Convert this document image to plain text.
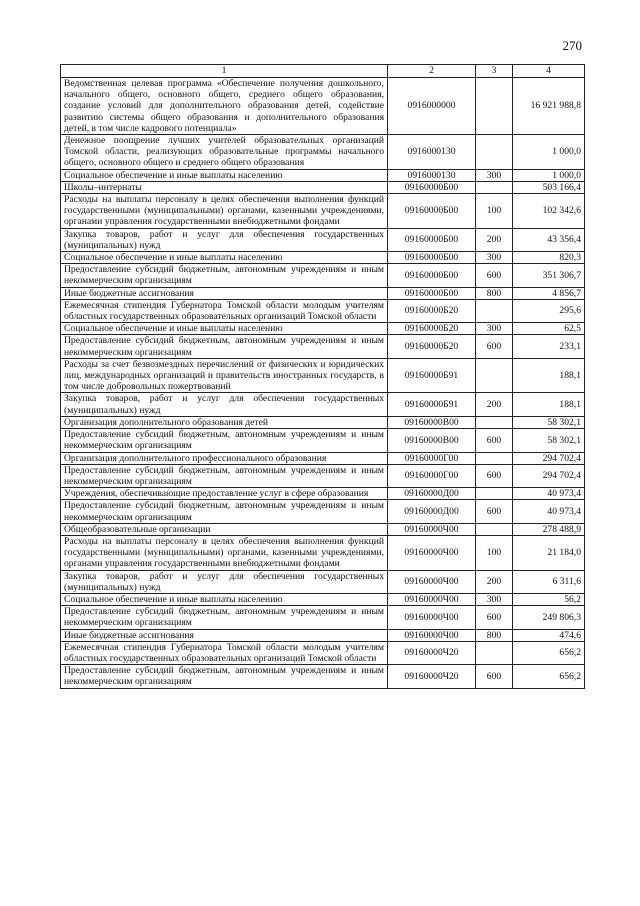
270
1	2	3	4
Ведомственная целевая программа «Обеспечение получения дошкольного, начального общего, основного общего, среднего общего образования, создание условий для дополнительного образования детей, содействие развитию системы общего образования и дополнительного образования детей, в том числе кадрового потенциала»	0916000000		16 921 988,8
Денежное поощрение лучших учителей образовательных организаций Томской области, реализующих образовательные программы начального общего, основного общего и среднего общего образования	0916000130		1 000,0
Социальное обеспечение и иные выплаты населению	0916000130	300	1 000,0
Школы–интернаты	09160000Б00		503 166,4
Расходы на выплаты персоналу в целях обеспечения выполнения функций государственными (муниципальными) органами, казенными учреждениями, органами управления государственными внебюджетными фондами	09160000Б00	100	102 342,6
Закупка товаров, работ и услуг для обеспечения государственных (муниципальных) нужд	09160000Б00	200	43 356,4
Социальное обеспечение и иные выплаты населению	09160000Б00	300	820,3
Предоставление субсидий бюджетным, автономным учреждениям и иным некоммерческим организациям	09160000Б00	600	351 306,7
Иные бюджетные ассигнования	09160000Б00	800	4 856,7
Ежемесячная стипендия Губернатора Томской области молодым учителям областных государственных образовательных организаций Томской области	09160000Б20		295,6
Социальное обеспечение и иные выплаты населению	09160000Б20	300	62,5
Предоставление субсидий бюджетным, автономным учреждениям и иным некоммерческим организациям	09160000Б20	600	233,1
Расходы за счет безвозмездных перечислений от физических и юридических лиц, международных организаций и правительств иностранных государств, в том числе добровольных пожертвований	09160000Б91		188,1
Закупка товаров, работ и услуг для обеспечения государственных (муниципальных) нужд	09160000Б91	200	188,1
Организация дополнительного образования детей	09160000В00		58 302,1
Предоставление субсидий бюджетным, автономным учреждениям и иным некоммерческим организациям	09160000В00	600	58 302,1
Организация дополнительного профессионального образования	09160000Г00		294 702,4
Предоставление субсидий бюджетным, автономным учреждениям и иным некоммерческим организациям	09160000Г00	600	294 702,4
Учреждения, обеспечивающие предоставление услуг в сфере образования	09160000Д00		40 973,4
Предоставление субсидий бюджетным, автономным учреждениям и иным некоммерческим организациям	09160000Д00	600	40 973,4
Общеобразовательные организации	09160000Ч00		278 488,9
Расходы на выплаты персоналу в целях обеспечения выполнения функций государственными (муниципальными) органами, казенными учреждениями, органами управления государственными внебюджетными фондами	09160000Ч00	100	21 184,0
Закупка товаров, работ и услуг для обеспечения государственных (муниципальных) нужд	09160000Ч00	200	6 311,6
Социальное обеспечение и иные выплаты населению	09160000Ч00	300	56,2
Предоставление субсидий бюджетным, автономным учреждениям и иным некоммерческим организациям	09160000Ч00	600	249 806,3
Иные бюджетные ассигнования	09160000Ч00	800	474,6
Ежемесячная стипендия Губернатора Томской области молодым учителям областных государственных образовательных организаций Томской области	09160000Ч20		656,2
Предоставление субсидий бюджетным, автономным учреждениям и иным некоммерческим организациям	09160000Ч20	600	656,2
